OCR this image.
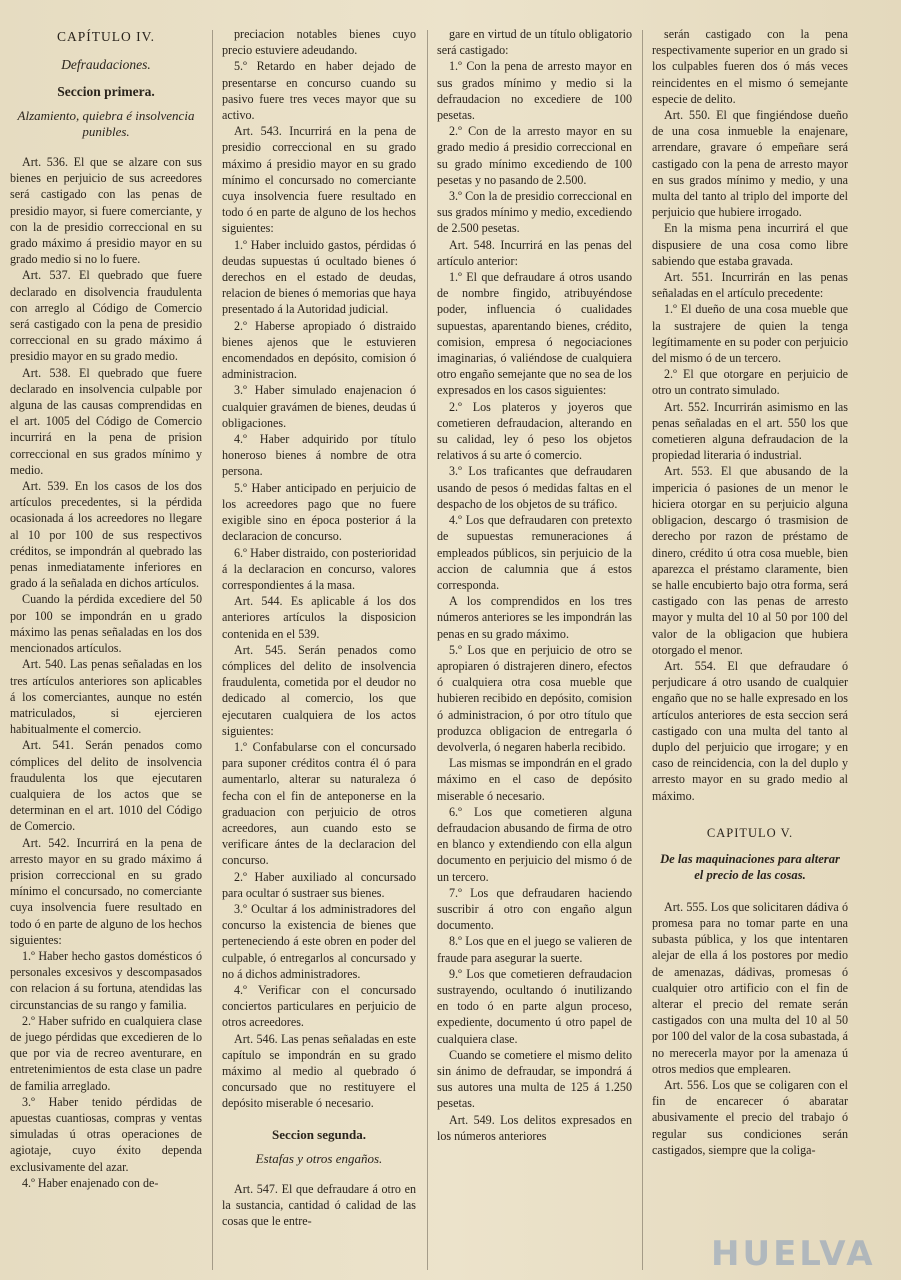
CAPÍTULO IV.
Defraudaciones.
Seccion primera.
Alzamiento, quiebra é insolvencia punibles.

Art. 536. El que se alzare con sus bienes en perjuicio de sus acreedores será castigado con las penas de presidio mayor, si fuere comerciante, y con la de presidio correccional en su grado máximo á presidio mayor en su grado medio si no lo fuere.

Art. 537. El quebrado que fuere declarado en disolvencia fraudulenta con arreglo al Código de Comercio será castigado con la pena de presidio correccional en su grado máximo á presidio mayor en su grado medio.

Art. 538. El quebrado que fuere declarado en insolvencia culpable por alguna de las causas comprendidas en el art. 1005 del Código de Comercio incurrirá en la pena de prision correccional en sus grados mínimo y medio.

Art. 539. En los casos de los dos artículos precedentes, si la pérdida ocasionada á los acreedores no llegare al 10 por 100 de sus respectivos créditos, se impondrán al quebrado las penas inmediatamente inferiores en grado á la señalada en dichos artículos.

Cuando la pérdida excediere del 50 por 100 se impondrán en u grado máximo las penas señaladas en los dos mencionados artículos.

Art. 540. Las penas señaladas en los tres artículos anteriores son aplicables á los comerciantes, aunque no estén matriculados, si ejercieren habitualmente el comercio.

Art. 541. Serán penados como cómplices del delito de insolvencia fraudulenta los que ejecutaren cualquiera de los actos que se determinan en el art. 1010 del Código de Comercio.

Art. 542. Incurrirá en la pena de arresto mayor en su grado máximo á prision correccional en su grado mínimo el concursado, no comerciante cuya insolvencia fuere resultado en todo ó en parte de alguno de los hechos siguientes:

1.º Haber hecho gastos domésticos ó personales excesivos y descompasados con relacion á su fortuna, atendidas las circunstancias de su rango y familia.

2.º Haber sufrido en cualquiera clase de juego pérdidas que excedieren de lo que por via de recreo aventurare, en entretenimientos de esta clase un padre de familia arreglado.

3.º Haber tenido pérdidas de apuestas cuantiosas, compras y ventas simuladas ú otras operaciones de agiotaje, cuyo éxito dependa exclusivamente del azar.

4.º Haber enajenado con de-

preciacion notables bienes cuyo precio estuviere adeudando.

5.º Retardo en haber dejado de presentarse en concurso cuando su pasivo fuere tres veces mayor que su activo.

Art. 543. Incurrirá en la pena de presidio correccional en su grado máximo á presidio mayor en su grado mínimo el concursado no comerciante cuya insolvencia fuere resultado en todo ó en parte de alguno de los hechos siguientes:

1.º Haber incluido gastos, pérdidas ó deudas supuestas ú ocultado bienes ó derechos en el estado de deudas, relacion de bienes ó memorias que haya presentado á la Autoridad judicial.

2.º Haberse apropiado ó distraido bienes ajenos que le estuvieren encomendados en depósito, comision ó administracion.

3.º Haber simulado enajenacion ó cualquier gravámen de bienes, deudas ú obligaciones.

4.º Haber adquirido por título honeroso bienes á nombre de otra persona.

5.º Haber anticipado en perjuicio de los acreedores pago que no fuere exigible sino en época posterior á la declaracion de concurso.

6.º Haber distraido, con posterioridad á la declaracion en concurso, valores correspondientes á la masa.

Art. 544. Es aplicable á los dos anteriores artículos la disposicion contenida en el 539.

Art. 545. Serán penados como cómplices del delito de insolvencia fraudulenta, cometida por el deudor no dedicado al comercio, los que ejecutaren cualquiera de los actos siguientes:

1.º Confabularse con el concursado para suponer créditos contra él ó para aumentarlo, alterar su naturaleza ó fecha con el fin de anteponerse en la graduacion con perjuicio de otros acreedores, aun cuando esto se verificare ántes de la declaracion del concurso.

2.º Haber auxiliado al concursado para ocultar ó sustraer sus bienes.

3.º Ocultar á los administradores del concurso la existencia de bienes que perteneciendo á este obren en poder del culpable, ó entregarlos al concursado y no á dichos administradores.

4.º Verificar con el concursado conciertos particulares en perjuicio de otros acreedores.

Art. 546. Las penas señaladas en este capítulo se impondrán en su grado máximo al medio al quebrado ó concursado que no restituyere el depósito miserable ó necesario.

Seccion segunda.
Estafas y otros engaños.

Art. 547. El que defraudare á otro en la sustancia, cantidad ó calidad de las cosas que le entre-

gare en virtud de un título obligatorio será castigado:

1.º Con la pena de arresto mayor en sus grados mínimo y medio si la defraudacion no excediere de 100 pesetas.

2.º Con de la arresto mayor en su grado medio á presidio correccional en su grado mínimo excediendo de 100 pesetas y no pasando de 2.500.

3.º Con la de presidio correccional en sus grados mínimo y medio, excediendo de 2.500 pesetas.

Art. 548. Incurrirá en las penas del artículo anterior:

1.º El que defraudare á otros usando de nombre fingido, atribuyéndose poder, influencia ó cualidades supuestas, aparentando bienes, crédito, comision, empresa ó negociaciones imaginarias, ó valiéndose de cualquiera otro engaño semejante que no sea de los expresados en los casos siguientes:

2.º Los plateros y joyeros que cometieren defraudacion, alterando en su calidad, ley ó peso los objetos relativos á su arte ó comercio.

3.º Los traficantes que defraudaren usando de pesos ó medidas faltas en el despacho de los objetos de su tráfico.

4.º Los que defraudaren con pretexto de supuestas remuneraciones á empleados públicos, sin perjuicio de la accion de calumnia que á estos corresponda.

A los comprendidos en los tres números anteriores se les impondrán las penas en su grado máximo.

5.º Los que en perjuicio de otro se apropiaren ó distrajeren dinero, efectos ó cualquiera otra cosa mueble que hubieren recibido en depósito, comision ó administracion, ó por otro título que produzca obligacion de entregarla ó devolverla, ó negaren haberla recibido.

Las mismas se impondrán en el grado máximo en el caso de depósito miserable ó necesario.

6.º Los que cometieren alguna defraudacion abusando de firma de otro en blanco y extendiendo con ella algun documento en perjuicio del mismo ó de un tercero.

7.º Los que defraudaren haciendo suscribir á otro con engaño algun documento.

8.º Los que en el juego se valieren de fraude para asegurar la suerte.

9.º Los que cometieren defraudacion sustrayendo, ocultando ó inutilizando en todo ó en parte algun proceso, expediente, documento ú otro papel de cualquiera clase.

Cuando se cometiere el mismo delito sin ánimo de defraudar, se impondrá á sus autores una multa de 125 á 1.250 pesetas.

Art. 549. Los delitos expresados en los números anteriores

serán castigado con la pena respectivamente superior en un grado si los culpables fueren dos ó más veces reincidentes en el mismo ó semejante especie de delito.

Art. 550. El que fingiéndose dueño de una cosa inmueble la enajenare, arrendare, gravare ó empeñare será castigado con la pena de arresto mayor en sus grados mínimo y medio, y una multa del tanto al triplo del importe del perjuicio que hubiere irrogado.

En la misma pena incurrirá el que dispusiere de una cosa como libre sabiendo que estaba gravada.

Art. 551. Incurrirán en las penas señaladas en el artículo precedente:

1.º El dueño de una cosa mueble que la sustrajere de quien la tenga legítimamente en su poder con perjuicio del mismo ó de un tercero.

2.º El que otorgare en perjuicio de otro un contrato simulado.

Art. 552. Incurrirán asimismo en las penas señaladas en el art. 550 los que cometieren alguna defraudacion de la propiedad literaria ó industrial.

Art. 553. El que abusando de la impericia ó pasiones de un menor le hiciera otorgar en su perjuicio alguna obligacion, descargo ó trasmision de derecho por razon de préstamo de dinero, crédito ú otra cosa mueble, bien aparezca el préstamo claramente, bien se halle encubierto bajo otra forma, será castigado con las penas de arresto mayor y multa del 10 al 50 por 100 del valor de la obligacion que hubiera otorgado el menor.

Art. 554. El que defraudare ó perjudicare á otro usando de cualquier engaño que no se halle expresado en los artículos anteriores de esta seccion será castigado con una multa del tanto al duplo del perjuicio que irrogare; y en caso de reincidencia, con la del duplo y arresto mayor en su grado medio al máximo.

CAPITULO V.
De las maquinaciones para alterar el precio de las cosas.

Art. 555. Los que solicitaren dádiva ó promesa para no tomar parte en una subasta pública, y los que intentaren alejar de ella á los postores por medio de amenazas, dádivas, promesas ó cualquier otro artificio con el fin de alterar el precio del remate serán castigados con una multa del 10 al 50 por 100 del valor de la cosa subastada, á no merecerla mayor por la amenaza ú otros medios que emplearen.

Art. 556. Los que se coligaren con el fin de encarecer ó abaratar abusivamente el precio del trabajo ó regular sus condiciones serán castigados, siempre que la coliga-

HUELVA
